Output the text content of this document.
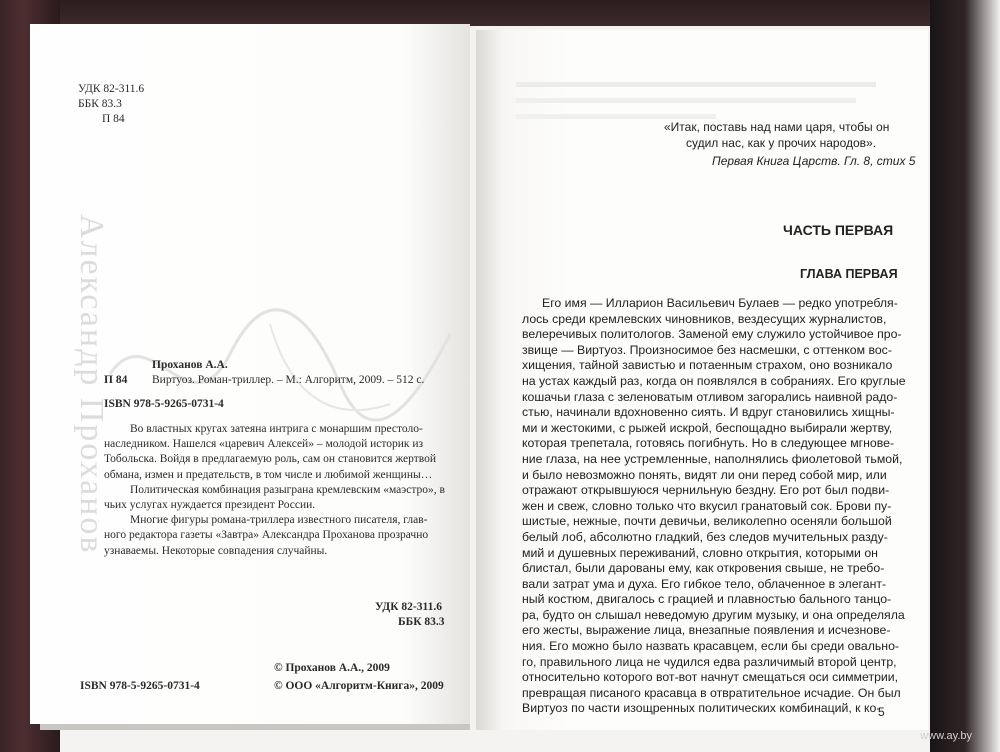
УДК 82-311.6
ББК 83.3
П 84
Александр Проханов	Проханов А.А.
П 84 Виртуоз. Роман-триллер. – М.: Алгоритм, 2009. – 512 с.
ISBN 978-5-9265-0731-4
Во властных кругах затеяна интрига с монаршим престоло-
наследником. Нашелся «царевич Алексей» – молодой историк из
Тобольска. Войдя в предлагаемую роль, сам он становится жертвой
обмана, измен и предательств, в том числе и любимой женщины…
Политическая комбинация разыграна кремлевским «маэстро», в
чьих услугах нуждается президент России.
Многие фигуры романа-триллера известного писателя, глав-
ного редактора газеты «Завтра» Александра Проханова прозрачно
узнаваемы. Некоторые совпадения случайны.
УДК 82-311.6
ББК 83.3
© Проханов А.А., 2009
ISBN 978-5-9265-0731-4	© ООО «Алгоритм-Книга», 2009
«Итак, поставь над нами царя, чтобы он
судил нас, как у прочих народов».
Первая Книга Царств. Гл. 8, стих 5
ЧАСТЬ ПЕРВАЯ
ГЛАВА ПЕРВАЯ
Его имя — Илларион Васильевич Булаев — редко употребля-
лось среди кремлевских чиновников, вездесущих журналистов,
велеречивых политологов. Заменой ему служило устойчивое про-
звище — Виртуоз. Произносимое без насмешки, с оттенком вос-
хищения, тайной завистью и потаенным страхом, оно возникало
на устах каждый раз, когда он появлялся в собраниях. Его круглые
кошачьи глаза с зеленоватым отливом загорались наивной радо-
стью, начинали вдохновенно сиять. И вдруг становились хищны-
ми и жестокими, с рыжей искрой, беспощадно выбирали жертву,
которая трепетала, готовясь погибнуть. Но в следующее мгнове-
ние глаза, на нее устремленные, наполнялись фиолетовой тьмой,
и было невозможно понять, видят ли они перед собой мир, или
отражают открывшуюся чернильную бездну. Его рот был подви-
жен и свеж, словно только что вкусил гранатовый сок. Брови пу-
шистые, нежные, почти девичьи, великолепно осеняли большой
белый лоб, абсолютно гладкий, без следов мучительных разду-
мий и душевных переживаний, словно открытия, которыми он
блистал, были дарованы ему, как откровения свыше, не требо-
вали затрат ума и духа. Его гибкое тело, облаченное в элегант-
ный костюм, двигалось с грацией и плавностью бального танцо-
ра, будто он слышал неведомую другим музыку, и она определяла
его жесты, выражение лица, внезапные появления и исчезнове-
ния. Его можно было назвать красавцем, если бы среди овально-
го, правильного лица не чудился едва различимый второй центр,
относительно которого вот-вот начнут смещаться оси симметрии,
превращая писаного красавца в отвратительное исчадие. Он был
Виртуоз по части изощренных политических комбинаций, к ко-
5
www.ay.by
